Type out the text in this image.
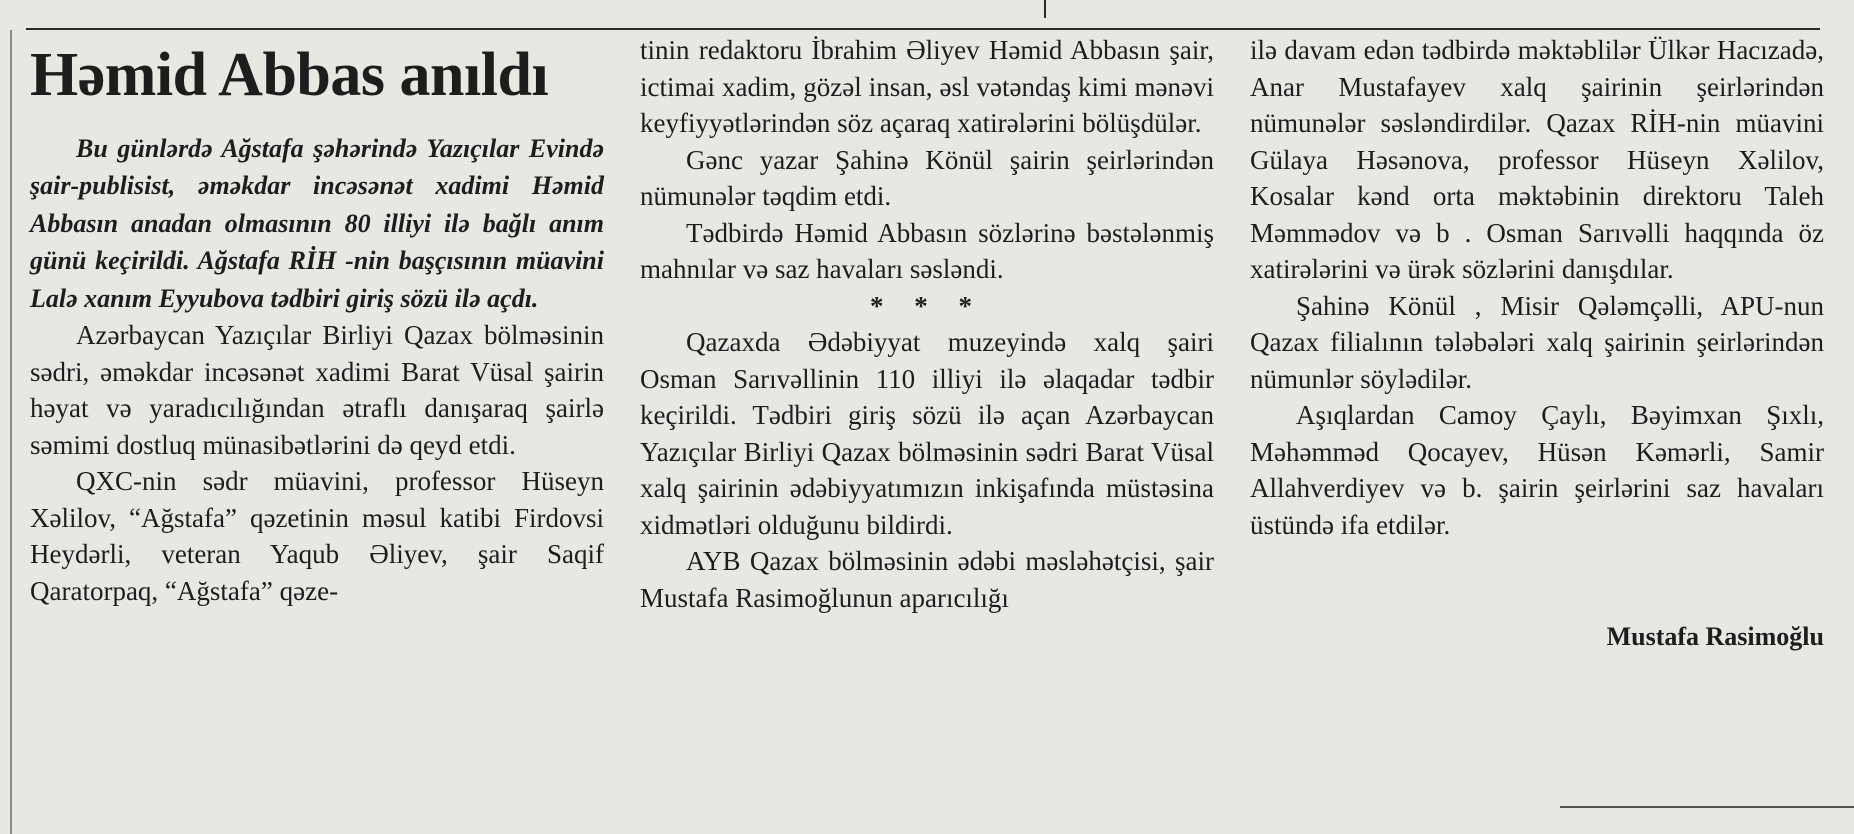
Həmid Abbas anıldı

Bu günlərdə Ağstafa şəhərində Yazıçılar Evində şair-publisist, əməkdar incəsənət xadimi Həmid Abbasın anadan olmasının 80 illiyi ilə bağlı anım günü keçirildi. Ağstafa RİH -nin başçısının müavini Lalə xanım Eyyubova tədbiri giriş sözü ilə açdı.

Azərbaycan Yazıçılar Birliyi Qazax bölməsinin sədri, əməkdar incəsənət xadimi Barat Vüsal şairin həyat və yaradıcılığından ətraflı danışaraq şairlə səmimi dostluq münasibətlərini də qeyd etdi.

QXC-nin sədr müavini, professor Hüseyn Xəlilov, “Ağstafa” qəzetinin məsul katibi Firdovsi Heydərli, veteran Yaqub Əliyev, şair Saqif Qaratorpaq, “Ağstafa” qəze-

tinin redaktoru İbrahim Əliyev Həmid Abbasın şair, ictimai xadim, gözəl insan, əsl vətəndaş kimi mənəvi keyfiyyətlərindən söz açaraq xatirələrini bölüşdülər.

Gənc yazar Şahinə Könül şairin şeirlərindən nümunələr təqdim etdi.

Tədbirdə Həmid Abbasın sözlərinə bəstələnmiş mahnılar və saz havaları səsləndi.

* * *

Qazaxda Ədəbiyyat muzeyində xalq şairi Osman Sarıvəllinin 110 illiyi ilə əlaqadar tədbir keçirildi. Tədbiri giriş sözü ilə açan Azərbaycan Yazıçılar Birliyi Qazax bölməsinin sədri Barat Vüsal xalq şairinin ədəbiyyatımızın inkişafında müstəsina xidmətləri olduğunu bildirdi.

AYB Qazax bölməsinin ədəbi məsləhətçisi, şair Mustafa Rasimoğlunun aparıcılığı

ilə davam edən tədbirdə məktəblilər Ülkər Hacızadə, Anar Mustafayev xalq şairinin şeirlərindən nümunələr səsləndirdilər. Qazax RİH-nin müavini Gülaya Həsənova, professor Hüseyn Xəlilov, Kosalar kənd orta məktəbinin direktoru Taleh Məmmədov və b . Osman Sarıvəlli haqqında öz xatirələrini və ürək sözlərini danışdılar.

Şahinə Könül , Misir Qələmçəlli, APU-nun Qazax filialının tələbələri xalq şairinin şeirlərindən nümunlər söylədilər.

Aşıqlardan Camoy Çaylı, Bəyimxan Şıxlı, Məhəmməd Qocayev, Hüsən Kəmərli, Samir Allahverdiyev və b. şairin şeirlərini saz havaları üstündə ifa etdilər.

Mustafa Rasimoğlu
